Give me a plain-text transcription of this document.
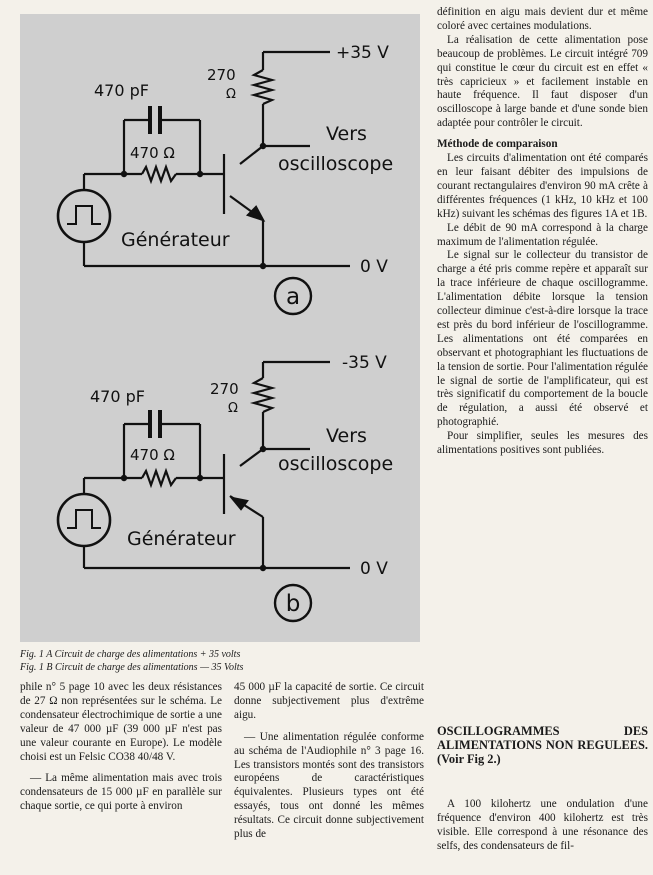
+35 V
270
Ω
470 pF
470 Ω
Vers
oscilloscope
Générateur
0 V
a
-35 V
270
Ω
470 pF
470 Ω
Vers
oscilloscope
Générateur
0 V
b
Fig. 1 A Circuit de charge des alimentations + 35 volts
Fig. 1 B Circuit de charge des alimentations — 35 Volts

définition en aigu mais devient dur et même coloré avec certaines modulations.

La réalisation de cette alimentation pose beaucoup de problèmes. Le circuit intégré 709 qui constitue le cœur du circuit est en effet « très capricieux » et facilement instable en haute fréquence. Il faut disposer d'un oscilloscope à large bande et d'une sonde bien adaptée pour contrôler le circuit.

Méthode de comparaison

Les circuits d'alimentation ont été comparés en leur faisant débiter des impulsions de courant rectangulaires d'environ 90 mA crête à différentes fréquences (1 kHz, 10 kHz et 100 kHz) suivant les schémas des figures 1A et 1B.

Le débit de 90 mA correspond à la charge maximum de l'alimentation régulée.

Le signal sur le collecteur du transistor de charge a été pris comme repère et apparaît sur la trace inférieure de chaque oscillogramme. L'alimentation débite lorsque la tension collecteur diminue c'est-à-dire lorsque la trace est près du bord inférieur de l'oscillogramme. Les alimentations ont été comparées en observant et photographiant les fluctuations de la tension de sortie. Pour l'alimentation régulée le signal de sortie de l'amplificateur, qui est très significatif du comportement de la boucle de régulation, a aussi été observé et photographié.

Pour simplifier, seules les mesures des alimentations positives sont publiées.

phile n° 5 page 10 avec les deux résistances de 27 Ω non représentées sur le schéma. Le condensateur électrochimique de sortie a une valeur de 47 000 µF (39 000 µF n'est pas une valeur courante en Europe). Le modèle choisi est un Felsic CO38 40/48 V.

— La même alimentation mais avec trois condensateurs de 15 000 µF en parallèle sur chaque sortie, ce qui porte à environ

45 000 µF la capacité de sortie. Ce circuit donne subjectivement plus d'extrême aigu.

— Une alimentation régulée conforme au schéma de l'Audiophile n° 3 page 16. Les transistors montés sont des transistors européens de caractéristiques équivalentes. Plusieurs types ont été essayés, tous ont donné les mêmes résultats. Ce circuit donne subjectivement plus de

OSCILLOGRAMMES DES ALIMENTATIONS NON REGULEES. (Voir Fig 2.)

A 100 kilohertz une ondulation d'une fréquence d'environ 400 kilohertz est très visible. Elle correspond à une résonance des selfs, des condensateurs de fil-
